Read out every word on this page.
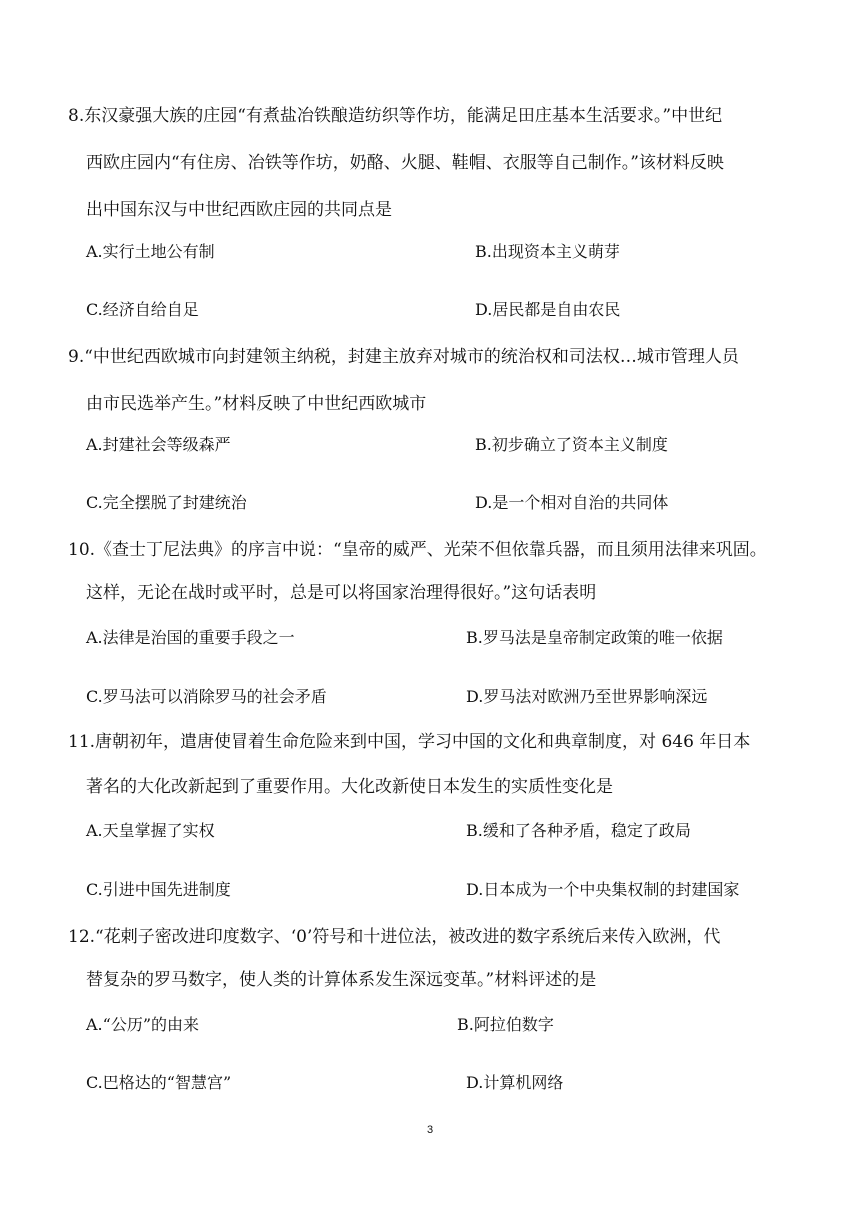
8.东汉豪强大族的庄园“有煮盐冶铁酿造纺织等作坊，能满足田庄基本生活要求。”中世纪
西欧庄园内“有住房、冶铁等作坊，奶酪、火腿、鞋帽、衣服等自己制作。”该材料反映
出中国东汉与中世纪西欧庄园的共同点是
A.实行土地公有制	B.出现资本主义萌芽
C.经济自给自足	D.居民都是自由农民
9.“中世纪西欧城市向封建领主纳税，封建主放弃对城市的统治权和司法权…城市管理人员
由市民选举产生。”材料反映了中世纪西欧城市
A.封建社会等级森严	B.初步确立了资本主义制度
C.完全摆脱了封建统治	D.是一个相对自治的共同体
10.《查士丁尼法典》的序言中说：“皇帝的威严、光荣不但依靠兵器，而且须用法律来巩固。
这样，无论在战时或平时，总是可以将国家治理得很好。”这句话表明
A.法律是治国的重要手段之一	B.罗马法是皇帝制定政策的唯一依据
C.罗马法可以消除罗马的社会矛盾	D.罗马法对欧洲乃至世界影响深远
11.唐朝初年，遣唐使冒着生命危险来到中国，学习中国的文化和典章制度，对 646 年日本
著名的大化改新起到了重要作用。大化改新使日本发生的实质性变化是
A.天皇掌握了实权	B.缓和了各种矛盾，稳定了政局
C.引进中国先进制度	D.日本成为一个中央集权制的封建国家
12.“花剌子密改进印度数字、‘0’符号和十进位法，被改进的数字系统后来传入欧洲，代
替复杂的罗马数字，使人类的计算体系发生深远变革。”材料评述的是
A.“公历”的由来	B.阿拉伯数字
C.巴格达的“智慧宫”	D.计算机网络
3
